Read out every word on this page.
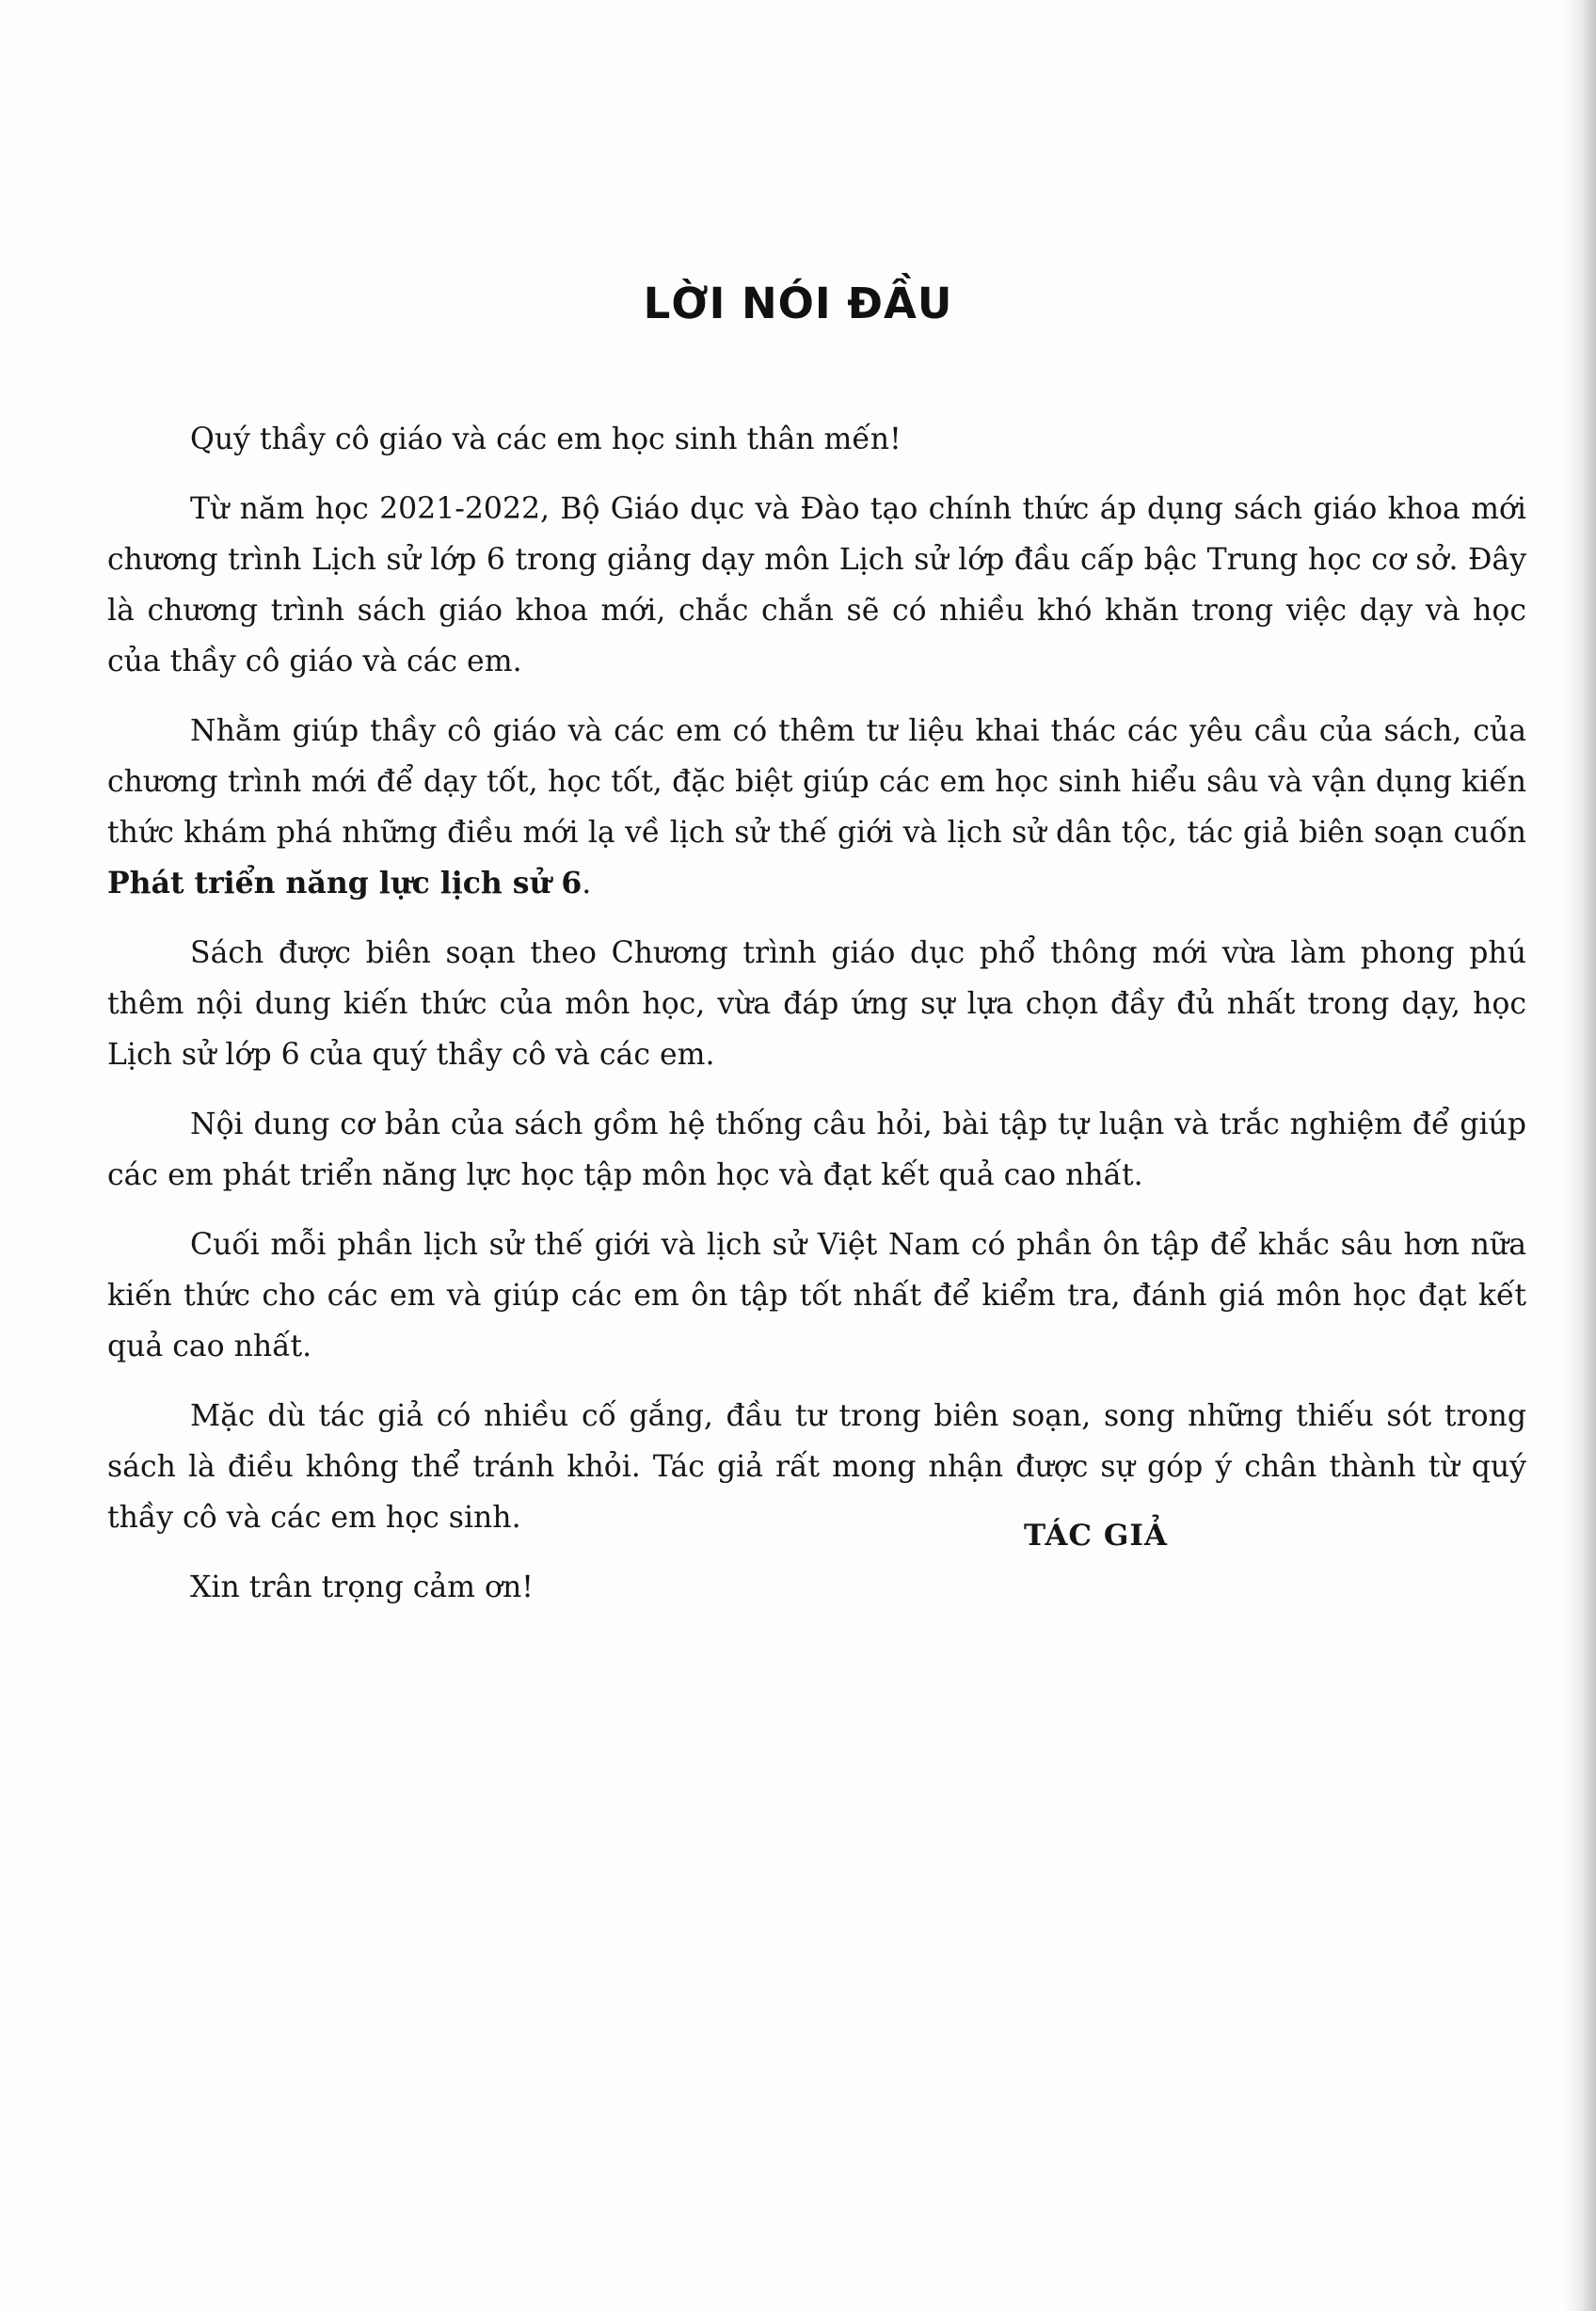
LỜI NÓI ĐẦU

Quý thầy cô giáo và các em học sinh thân mến!

Từ năm học 2021-2022, Bộ Giáo dục và Đào tạo chính thức áp dụng sách giáo khoa mới chương trình Lịch sử lớp 6 trong giảng dạy môn Lịch sử lớp đầu cấp bậc Trung học cơ sở. Đây là chương trình sách giáo khoa mới, chắc chắn sẽ có nhiều khó khăn trong việc dạy và học của thầy cô giáo và các em.

Nhằm giúp thầy cô giáo và các em có thêm tư liệu khai thác các yêu cầu của sách, của chương trình mới để dạy tốt, học tốt, đặc biệt giúp các em học sinh hiểu sâu và vận dụng kiến thức khám phá những điều mới lạ về lịch sử thế giới và lịch sử dân tộc, tác giả biên soạn cuốn Phát triển năng lực lịch sử 6.

Sách được biên soạn theo Chương trình giáo dục phổ thông mới vừa làm phong phú thêm nội dung kiến thức của môn học, vừa đáp ứng sự lựa chọn đầy đủ nhất trong dạy, học Lịch sử lớp 6 của quý thầy cô và các em.

Nội dung cơ bản của sách gồm hệ thống câu hỏi, bài tập tự luận và trắc nghiệm để giúp các em phát triển năng lực học tập môn học và đạt kết quả cao nhất.

Cuối mỗi phần lịch sử thế giới và lịch sử Việt Nam có phần ôn tập để khắc sâu hơn nữa kiến thức cho các em và giúp các em ôn tập tốt nhất để kiểm tra, đánh giá môn học đạt kết quả cao nhất.

Mặc dù tác giả có nhiều cố gắng, đầu tư trong biên soạn, song những thiếu sót trong sách là điều không thể tránh khỏi. Tác giả rất mong nhận được sự góp ý chân thành từ quý thầy cô và các em học sinh.

Xin trân trọng cảm ơn!

TÁC GIẢ
